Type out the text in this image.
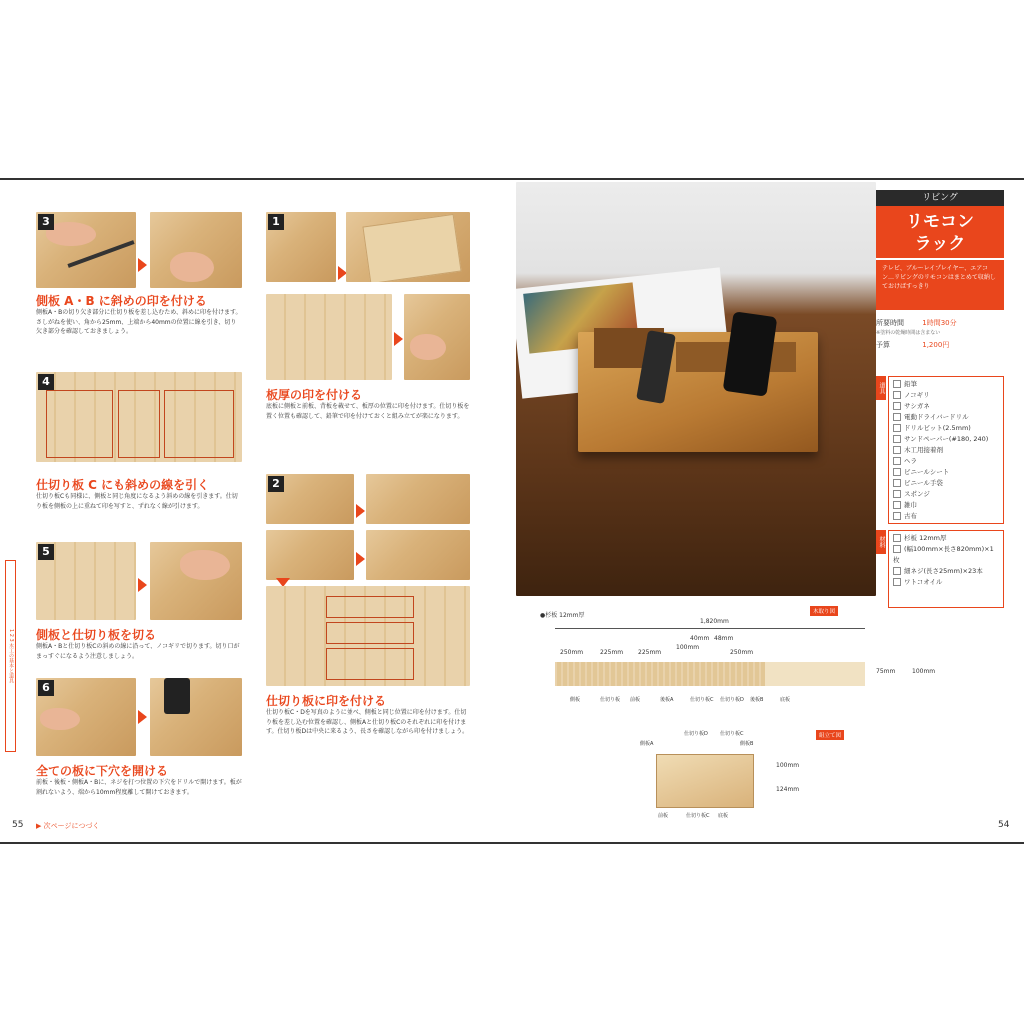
3
側板 A・B に斜めの印を付ける
側板A・Bの切り欠き部分に仕切り板を差し込むため、斜めに印を付けます。さしがねを使い、角から25mm、上端から40mmの位置に線を引き、切り欠き部分を確認しておきましょう。
4
仕切り板 C にも斜めの線を引く
仕切り板Cも同様に、側板と同じ角度になるよう斜めの線を引きます。仕切り板を側板の上に重ねて印を写すと、ずれなく線が引けます。
5
側板と仕切り板を切る
側板A・Bと仕切り板Cの斜めの線に沿って、ノコギリで切ります。切り口がまっすぐになるよう注意しましょう。
6
全ての板に下穴を開ける
前板・後板・側板A・Bに、ネジを打つ位置の下穴をドリルで開けます。板が割れないよう、端から10mm程度離して開けておきます。
1
板厚の印を付ける
底板に側板と前板、背板を載せて、板厚の位置に印を付けます。仕切り板を置く位置も確認して、鉛筆で印を付けておくと組み立てが楽になります。
2
仕切り板に印を付ける
仕切り板C・Dを写真のように並べ、側板と同じ位置に印を付けます。仕切り板を差し込む位置を確認し、側板Aと仕切り板Cのそれぞれに印を付けます。仕切り板Dは中央に来るよう、長さを確認しながら印を付けましょう。
1 2 3 木工の基本と道具
55 ▶ 次ページにつづく
リビング
リモコン
ラック
テレビ、ブルーレイプレイヤー、エアコン…リビングのリモコンはまとめて収納しておけばすっきり
所要時間	1時間30分
※塗料の乾燥時間は含まない
予算	1,200円
道具	鉛筆
ノコギリ
サシガネ
電動ドライバードリル
ドリルビット(2.5mm)
サンドペーパー(#180, 240)
木工用接着剤
ヘラ
ビニールシート
ビニール手袋
スポンジ
雑巾
古布
材料	杉板 12mm厚
(幅100mm×長さ820mm)×1枚
細ネジ(長さ25mm)×23本
ワトコオイル
●杉板 12mm厚	木取り図
1,820mm
48mm
40mm
250mm	225mm 225mm
100mm
250mm
75mm	100mm
側板	仕切り板 前板	後板A	仕切り板C 仕切り板D 後板B	底板
組立て図
100mm
124mm
側板A
仕切り板D 仕切り板C
側板B
仕切り板C 底板
前板
54
